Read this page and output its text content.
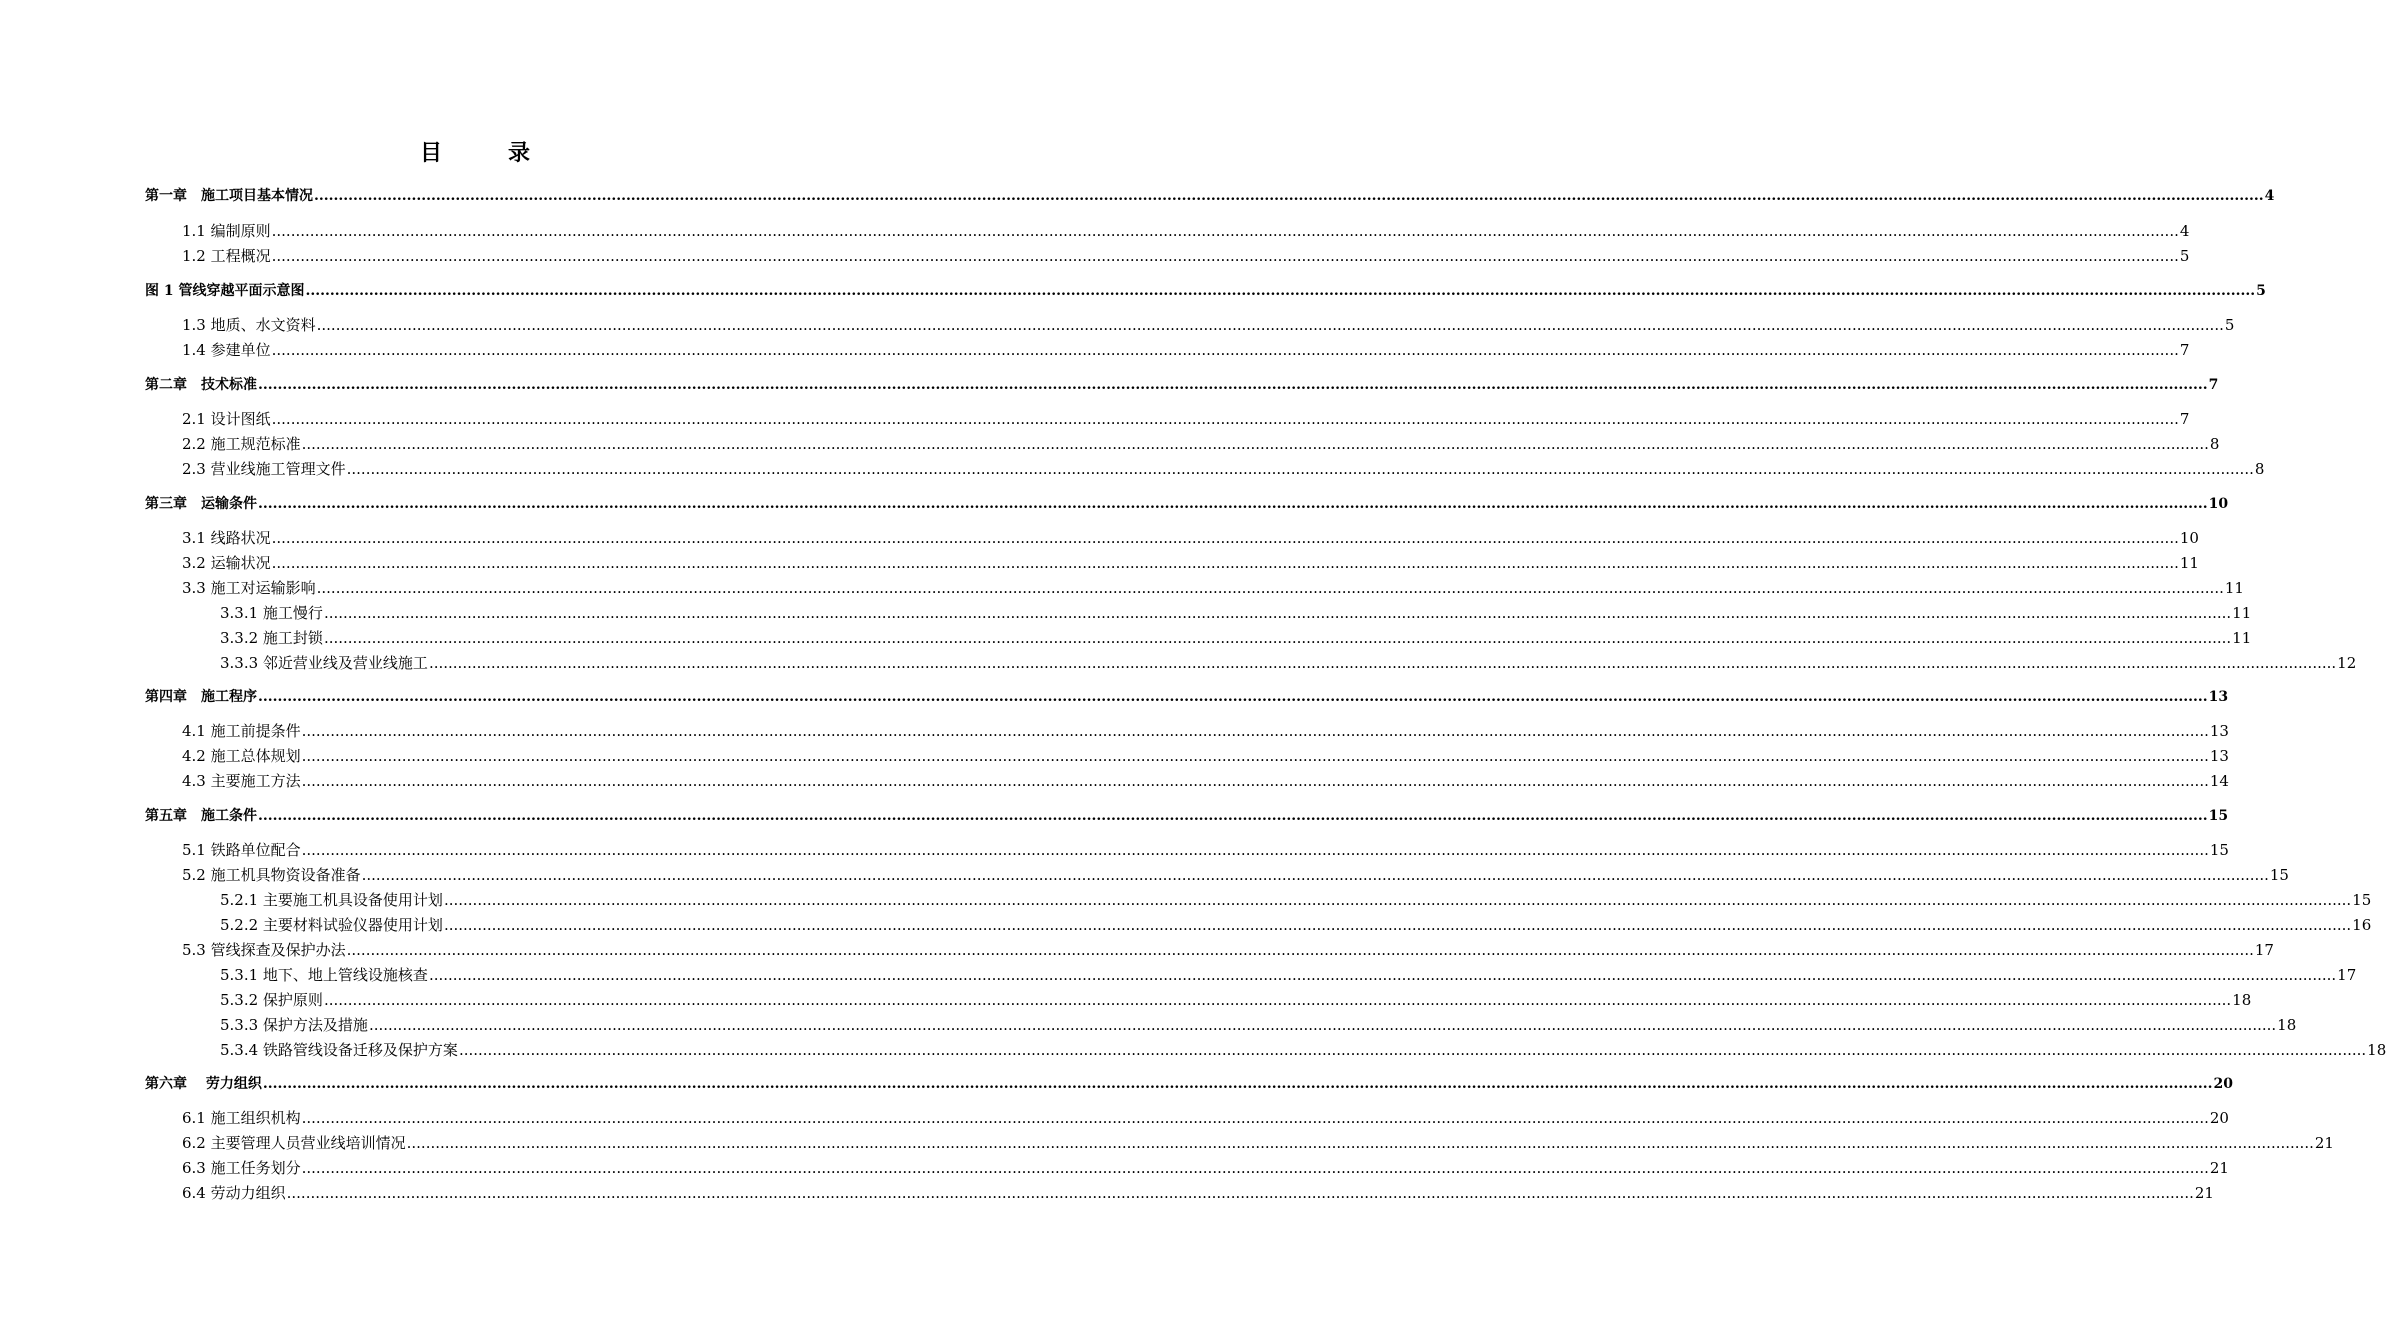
目　录
第一章　施工项目基本情况 ................................................................................................................................................................................................................................................................................................................................................................................................................ 4
1.1 编制原则 ................................................................................................................................................................................................................................................................................................................................................................................................................ 4
1.2 工程概况 ................................................................................................................................................................................................................................................................................................................................................................................................................ 5
图 1 管线穿越平面示意图 ................................................................................................................................................................................................................................................................................................................................................................................................................ 5
1.3 地质、水文资料 ................................................................................................................................................................................................................................................................................................................................................................................................................ 5
1.4 参建单位 ................................................................................................................................................................................................................................................................................................................................................................................................................ 7
第二章　技术标准 ................................................................................................................................................................................................................................................................................................................................................................................................................ 7
2.1 设计图纸 ................................................................................................................................................................................................................................................................................................................................................................................................................ 7
2.2 施工规范标准 ................................................................................................................................................................................................................................................................................................................................................................................................................ 8
2.3 营业线施工管理文件 ................................................................................................................................................................................................................................................................................................................................................................................................................ 8
第三章　运输条件 ................................................................................................................................................................................................................................................................................................................................................................................................................ 10
3.1 线路状况 ................................................................................................................................................................................................................................................................................................................................................................................................................ 10
3.2 运输状况 ................................................................................................................................................................................................................................................................................................................................................................................................................ 11
3.3 施工对运输影响 ................................................................................................................................................................................................................................................................................................................................................................................................................ 11
3.3.1 施工慢行 ................................................................................................................................................................................................................................................................................................................................................................................................................ 11
3.3.2 施工封锁 ................................................................................................................................................................................................................................................................................................................................................................................................................ 11
3.3.3 邻近营业线及营业线施工 ................................................................................................................................................................................................................................................................................................................................................................................................................ 12
第四章　施工程序 ................................................................................................................................................................................................................................................................................................................................................................................................................ 13
4.1 施工前提条件 ................................................................................................................................................................................................................................................................................................................................................................................................................ 13
4.2 施工总体规划 ................................................................................................................................................................................................................................................................................................................................................................................................................ 13
4.3 主要施工方法 ................................................................................................................................................................................................................................................................................................................................................................................................................ 14
第五章　施工条件 ................................................................................................................................................................................................................................................................................................................................................................................................................ 15
5.1 铁路单位配合 ................................................................................................................................................................................................................................................................................................................................................................................................................ 15
5.2 施工机具物资设备准备 ................................................................................................................................................................................................................................................................................................................................................................................................................ 15
5.2.1 主要施工机具设备使用计划 ................................................................................................................................................................................................................................................................................................................................................................................................................ 15
5.2.2 主要材料试验仪器使用计划 ................................................................................................................................................................................................................................................................................................................................................................................................................ 16
5.3 管线探查及保护办法 ................................................................................................................................................................................................................................................................................................................................................................................................................ 17
5.3.1 地下、地上管线设施核查 ................................................................................................................................................................................................................................................................................................................................................................................................................ 17
5.3.2 保护原则 ................................................................................................................................................................................................................................................................................................................................................................................................................ 18
5.3.3 保护方法及措施 ................................................................................................................................................................................................................................................................................................................................................................................................................ 18
5.3.4 铁路管线设备迁移及保护方案 ................................................................................................................................................................................................................................................................................................................................................................................................................ 18
第六章　 劳力组织 ................................................................................................................................................................................................................................................................................................................................................................................................................ 20
6.1 施工组织机构 ................................................................................................................................................................................................................................................................................................................................................................................................................ 20
6.2 主要管理人员营业线培训情况 ................................................................................................................................................................................................................................................................................................................................................................................................................ 21
6.3 施工任务划分 ................................................................................................................................................................................................................................................................................................................................................................................................................ 21
6.4 劳动力组织 ................................................................................................................................................................................................................................................................................................................................................................................................................ 21
